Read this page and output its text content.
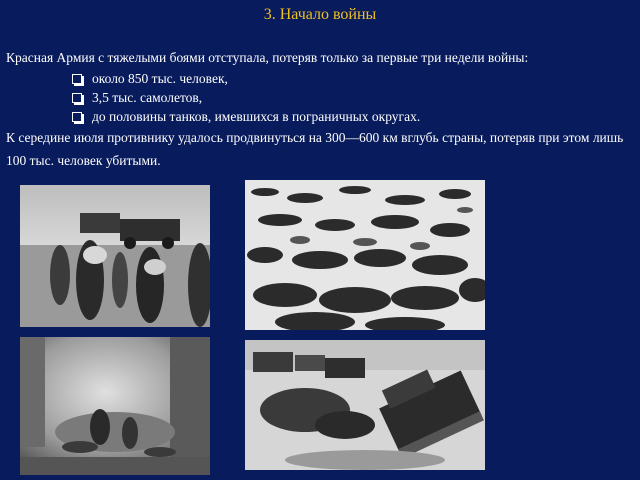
3. Начало войны
Красная Армия с тяжелыми боями отступала, потеряв только за первые три недели войны:
около 850 тыс. человек,
3,5 тыс. самолетов,
до половины танков, имевшихся в пограничных округах.
К середине июля противнику удалось продвинуться на 300—600 км вглубь страны, потеряв при этом лишь 100 тыс. человек убитыми.
